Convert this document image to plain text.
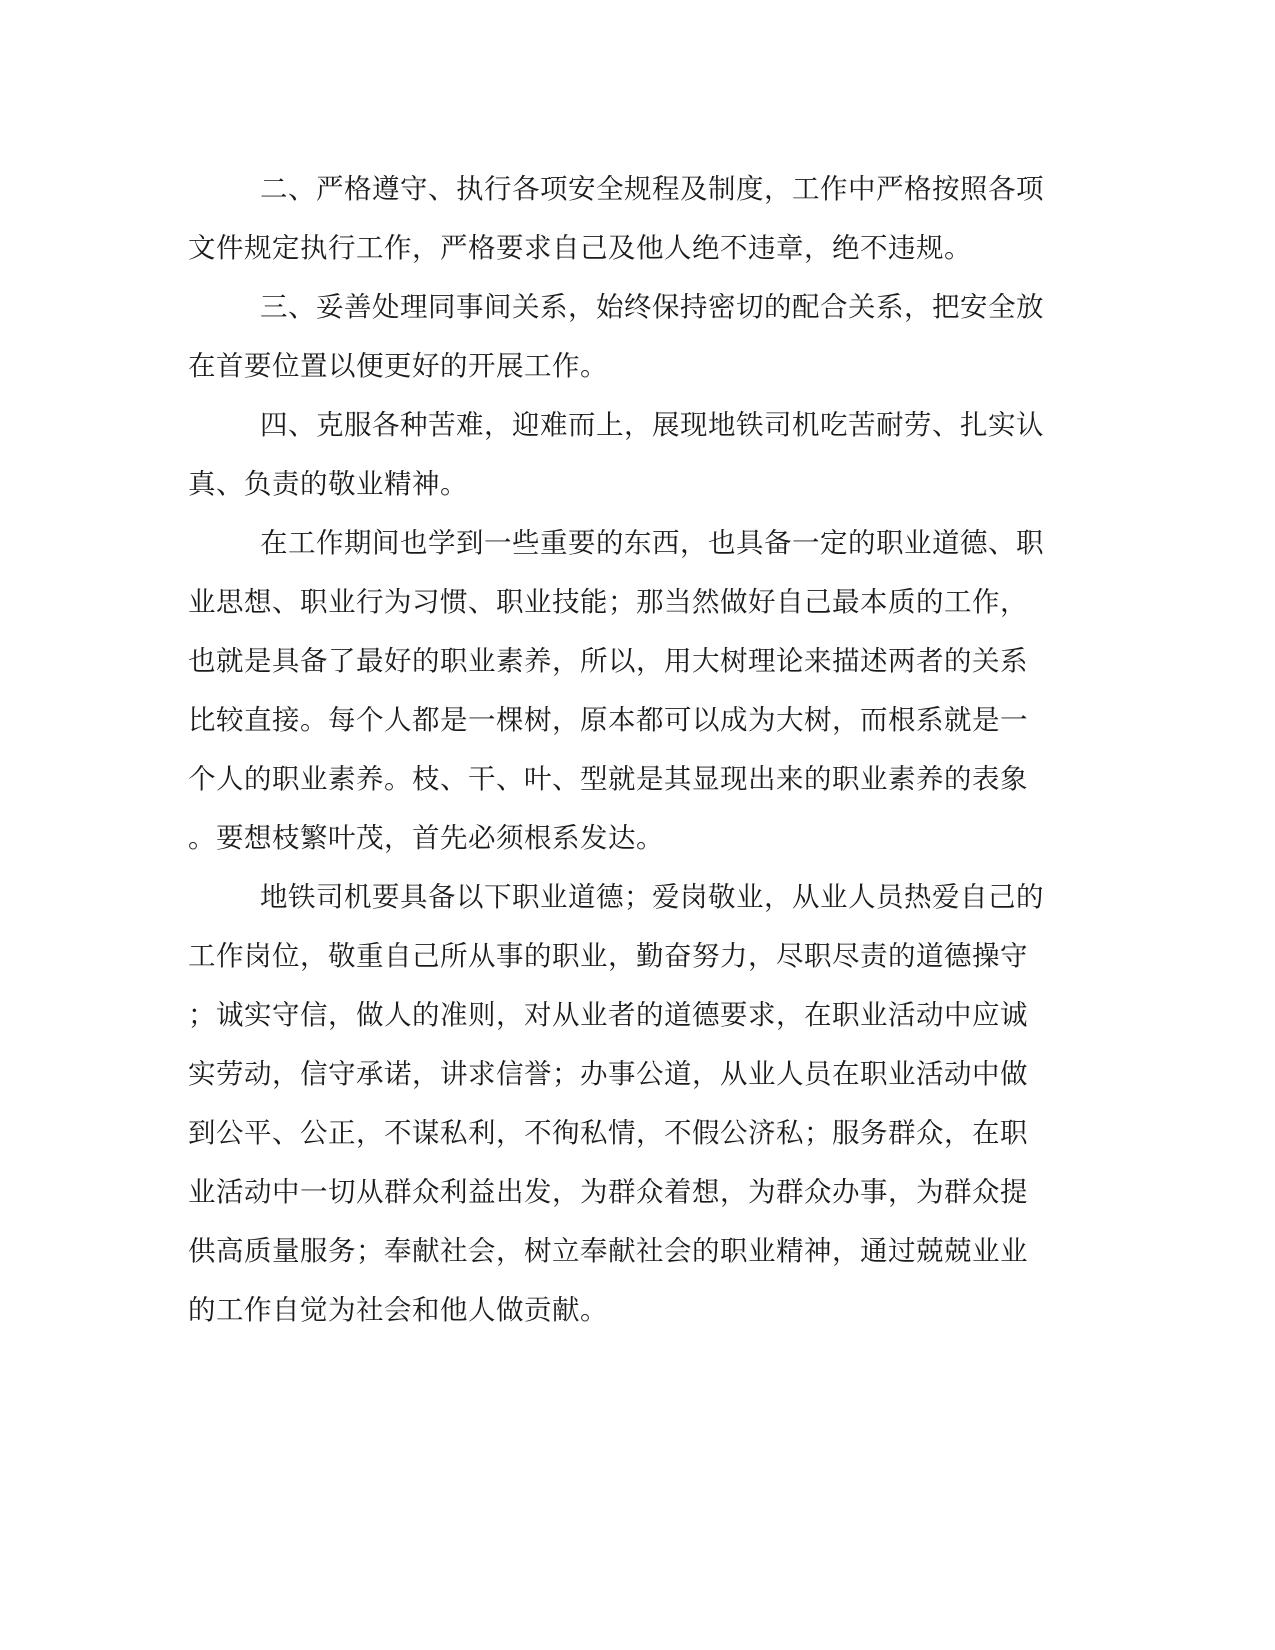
二、严格遵守、执行各项安全规程及制度，工作中严格按照各项
文件规定执行工作，严格要求自己及他人绝不违章，绝不违规。
三、妥善处理同事间关系，始终保持密切的配合关系，把安全放
在首要位置以便更好的开展工作。
四、克服各种苦难，迎难而上，展现地铁司机吃苦耐劳、扎实认
真、负责的敬业精神。
在工作期间也学到一些重要的东西，也具备一定的职业道德、职
业思想、职业行为习惯、职业技能；那当然做好自己最本质的工作，
也就是具备了最好的职业素养，所以，用大树理论来描述两者的关系
比较直接。每个人都是一棵树，原本都可以成为大树，而根系就是一
个人的职业素养。枝、干、叶、型就是其显现出来的职业素养的表象
。要想枝繁叶茂，首先必须根系发达。
地铁司机要具备以下职业道德；爱岗敬业，从业人员热爱自己的
工作岗位，敬重自己所从事的职业，勤奋努力，尽职尽责的道德操守
；诚实守信，做人的准则，对从业者的道德要求，在职业活动中应诚
实劳动，信守承诺，讲求信誉；办事公道，从业人员在职业活动中做
到公平、公正，不谋私利，不徇私情，不假公济私；服务群众，在职
业活动中一切从群众利益出发，为群众着想，为群众办事，为群众提
供高质量服务；奉献社会，树立奉献社会的职业精神，通过兢兢业业
的工作自觉为社会和他人做贡献。
